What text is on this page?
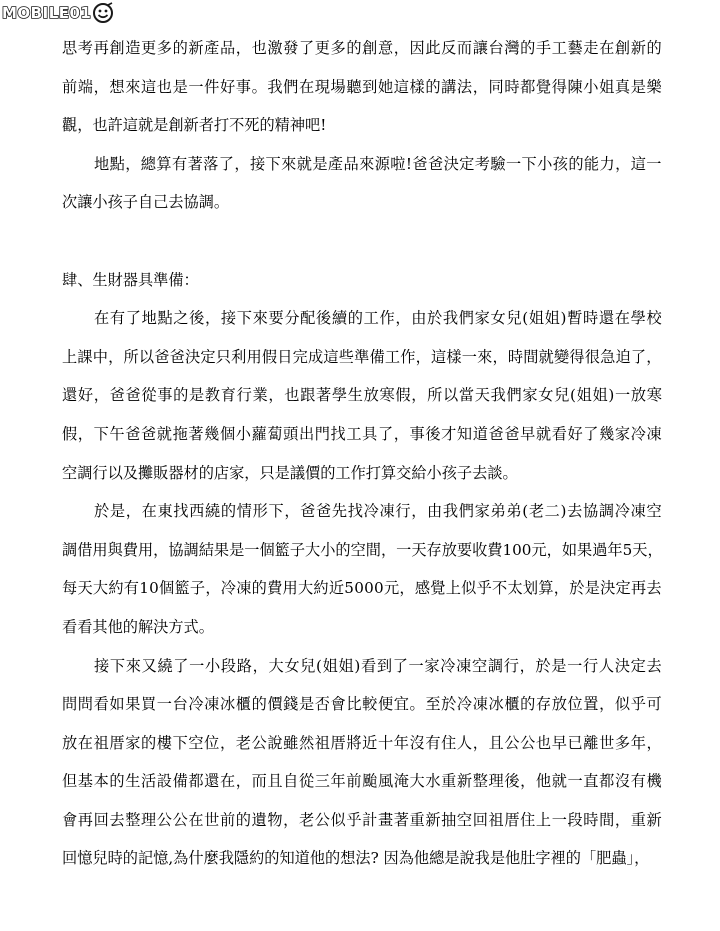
MOBILE01
思 考 再 創 造 更 多 的 新 產 品 ， 也 激 發 了 更 多 的 創 意 ， 因 此 反 而 讓 台 灣 的 手 工 藝 走 在 創 新 的
前 端 ， 想 來 這 也 是 一 件 好 事 。 我 們 在 現 場 聽 到 她 這 樣 的 講 法 ， 同 時 都 覺 得 陳 小 姐 真 是 樂
觀，也許這就是創新者打不死的精神吧!
地 點 ， 總 算 有 著 落 了 ， 接 下 來 就 是 產 品 來 源 啦 ! 爸 爸 決 定 考 驗 一 下 小 孩 的 能 力 ， 這 一
次讓小孩子自己去協調。
肆、生財器具準備：
在 有 了 地 點 之 後 ， 接 下 來 要 分 配 後 續 的 工 作 ， 由 於 我 們 家 女 兒 ( 姐 姐 ) 暫 時 還 在 學 校
上 課 中 ， 所 以 爸 爸 決 定 只 利 用 假 日 完 成 這 些 準 備 工 作 ， 這 樣 一 來 ， 時 間 就 變 得 很 急 迫 了 ，
還 好 ， 爸 爸 從 事 的 是 教 育 行 業 ， 也 跟 著 學 生 放 寒 假 ， 所 以 當 天 我 們 家 女 兒 ( 姐 姐 ) 一 放 寒
假 ， 下 午 爸 爸 就 拖 著 幾 個 小 蘿 蔔 頭 出 門 找 工 具 了 ， 事 後 才 知 道 爸 爸 早 就 看 好 了 幾 家 冷 凍
空調行以及攤販器材的店家，只是議價的工作打算交給小孩子去談。
於 是 ， 在 東 找 西 繞 的 情 形 下 ， 爸 爸 先 找 冷 凍 行 ， 由 我 們 家 弟 弟 ( 老 二 ) 去 協 調 冷 凍 空
調 借 用 與 費 用 ， 協 調 結 果 是 一 個 籃 子 大 小 的 空 間 ， 一 天 存 放 要 收 費 1 0 0 元 ， 如 果 過 年 5 天 ，
每 天 大 約 有 1 0 個 籃 子 ， 冷 凍 的 費 用 大 約 近 5 0 0 0 元 ， 感 覺 上 似 乎 不 太 划 算 ， 於 是 決 定 再 去
看看其他的解決方式。
接 下 來 又 繞 了 一 小 段 路 ， 大 女 兒 ( 姐 姐 ) 看 到 了 一 家 冷 凍 空 調 行 ， 於 是 一 行 人 決 定 去
問 問 看 如 果 買 一 台 冷 凍 冰 櫃 的 價 錢 是 否 會 比 較 便 宜 。 至 於 冷 凍 冰 櫃 的 存 放 位 置 ， 似 乎 可
放 在 祖 厝 家 的 樓 下 空 位 ， 老 公 說 雖 然 祖 厝 將 近 十 年 沒 有 住 人 ， 且 公 公 也 早 已 離 世 多 年 ，
但 基 本 的 生 活 設 備 都 還 在 ， 而 且 自 從 三 年 前 颱 風 淹 大 水 重 新 整 理 後 ， 他 就 一 直 都 沒 有 機
會 再 回 去 整 理 公 公 在 世 前 的 遺 物 ， 老 公 似 乎 計 畫 著 重 新 抽 空 回 祖 厝 住 上 一 段 時 間 ， 重 新
回憶兒時的記憶,為什麼我隱約的知道他的想法? 因為他總是說我是他肚字裡的「肥蟲」，
